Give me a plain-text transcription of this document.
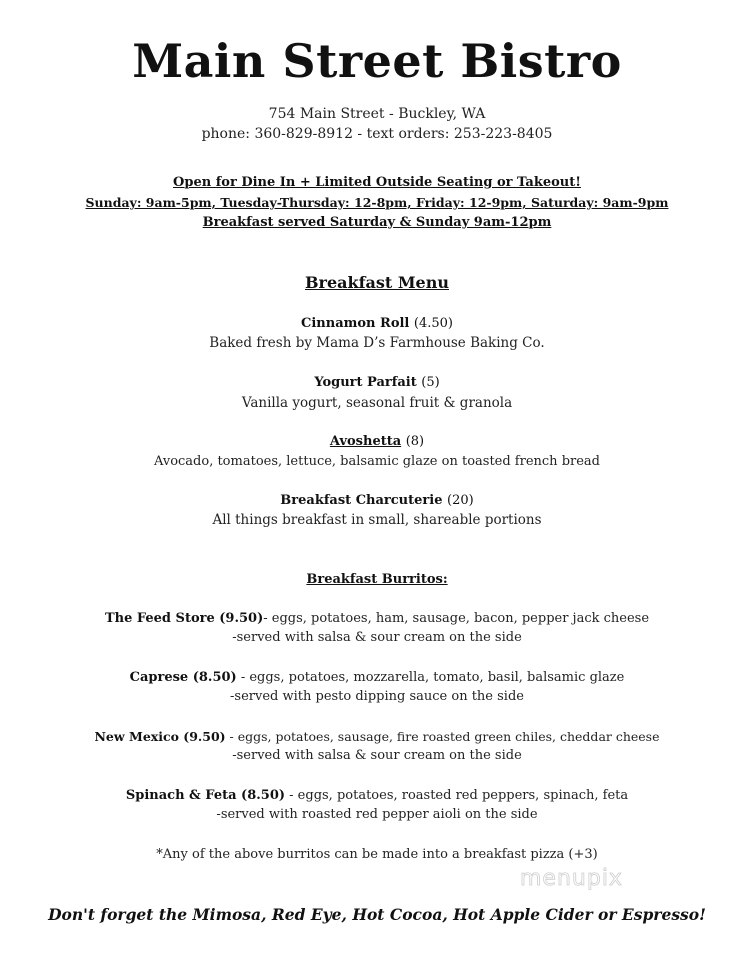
Main Street Bistro
754 Main Street - Buckley, WA
phone: 360-829-8912 - text orders: 253-223-8405
Open for Dine In + Limited Outside Seating or Takeout!
Sunday: 9am-5pm, Tuesday-Thursday: 12-8pm, Friday: 12-9pm, Saturday: 9am-9pm
Breakfast served Saturday & Sunday 9am-12pm
Breakfast Menu
Cinnamon Roll (4.50)
Baked fresh by Mama D’s Farmhouse Baking Co.
Yogurt Parfait (5)
Vanilla yogurt, seasonal fruit & granola
Avoshetta (8)
Avocado, tomatoes, lettuce, balsamic glaze on toasted french bread
Breakfast Charcuterie (20)
All things breakfast in small, shareable portions
Breakfast Burritos:
The Feed Store (9.50)- eggs, potatoes, ham, sausage, bacon, pepper jack cheese
-served with salsa & sour cream on the side
Caprese (8.50) - eggs, potatoes, mozzarella, tomato, basil, balsamic glaze
-served with pesto dipping sauce on the side
New Mexico (9.50) - eggs, potatoes, sausage, fire roasted green chiles, cheddar cheese
-served with salsa & sour cream on the side
Spinach & Feta (8.50) - eggs, potatoes, roasted red peppers, spinach, feta
-served with roasted red pepper aioli on the side
*Any of the above burritos can be made into a breakfast pizza (+3)
menupix
Don't forget the Mimosa, Red Eye, Hot Cocoa, Hot Apple Cider or Espresso!
